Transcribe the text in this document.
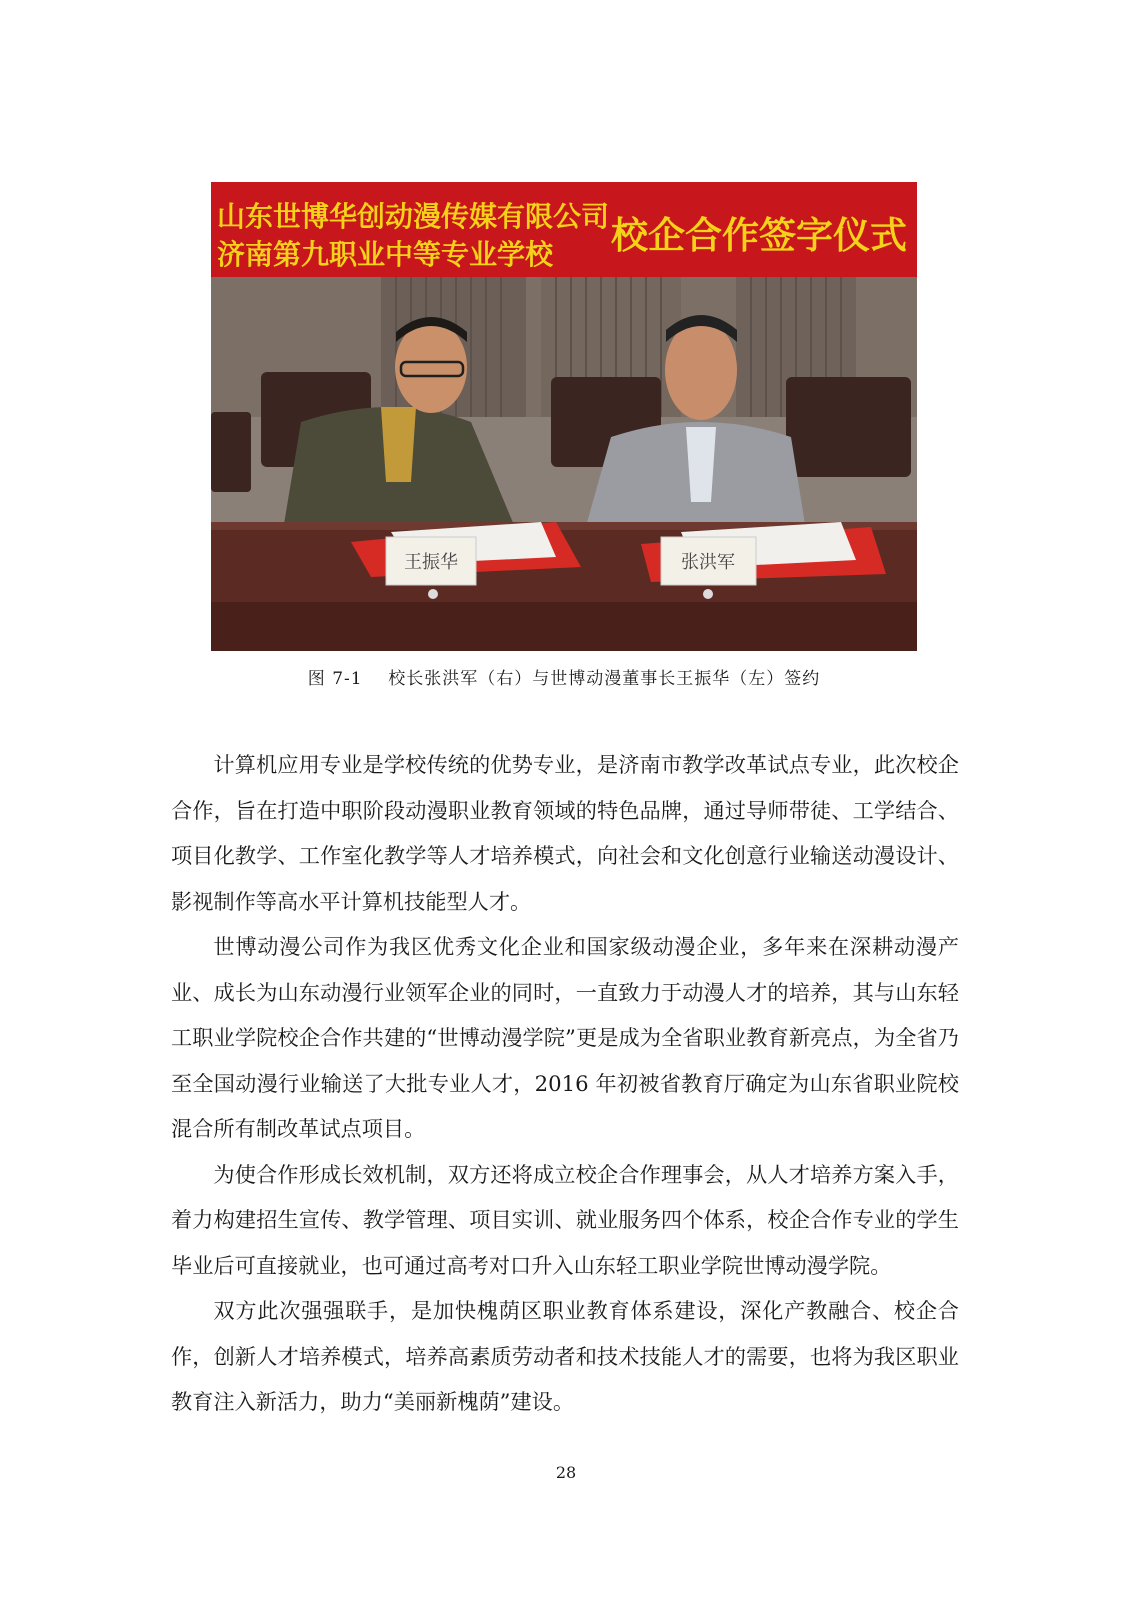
山东世博华创动漫传媒有限公司
济南第九职业中等专业学校 校企合作签字仪式
王振华	张洪军
图 7-1 校长张洪军（右）与世博动漫董事长王振华（左）签约

计算机应用专业是学校传统的优势专业，是济南市教学改革试点专业，此次校企合作，旨在打造中职阶段动漫职业教育领域的特色品牌，通过导师带徒、工学结合、项目化教学、工作室化教学等人才培养模式，向社会和文化创意行业输送动漫设计、影视制作等高水平计算机技能型人才。

世博动漫公司作为我区优秀文化企业和国家级动漫企业，多年来在深耕动漫产业、成长为山东动漫行业领军企业的同时，一直致力于动漫人才的培养，其与山东轻工职业学院校企合作共建的“世博动漫学院”更是成为全省职业教育新亮点，为全省乃至全国动漫行业输送了大批专业人才，2016 年初被省教育厅确定为山东省职业院校混合所有制改革试点项目。

为使合作形成长效机制，双方还将成立校企合作理事会，从人才培养方案入手，着力构建招生宣传、教学管理、项目实训、就业服务四个体系，校企合作专业的学生毕业后可直接就业，也可通过高考对口升入山东轻工职业学院世博动漫学院。

双方此次强强联手，是加快槐荫区职业教育体系建设，深化产教融合、校企合作，创新人才培养模式，培养高素质劳动者和技术技能人才的需要，也将为我区职业教育注入新活力，助力“美丽新槐荫”建设。

28
